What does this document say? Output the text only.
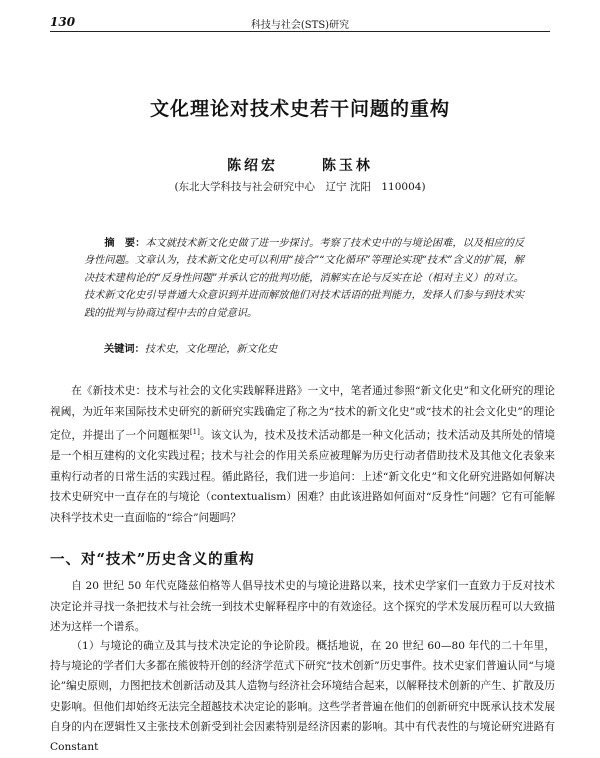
130	科技与社会(STS)研究
文化理论对技术史若干问题的重构
陈绍宏	陈玉林
(东北大学科技与社会研究中心　辽宁 沈阳　110004)
摘　要：本文就技术新文化史做了进一步探讨。考察了技术史中的与境论困难，以及相应的反身性问题。文章认为，技术新文化史可以利用“接合”“文化循环”等理论实现“技术”含义的扩展，解决技术建构论的“反身性问题”并承认它的批判功能，消解实在论与反实在论（相对主义）的对立。技术新文化史引导普通大众意识到并进而解放他们对技术话语的批判能力，发择人们参与到技术实践的批判与协商过程中去的自觉意识。
关键词：技术史，文化理论，新文化史

在《新技术史：技术与社会的文化实践解释进路》一文中，笔者通过参照“新文化史”和文化研究的理论视阈，为近年来国际技术史研究的新研究实践确定了称之为“技术的新文化史”或“技术的社会文化史”的理论定位，并提出了一个问题框架[1]。该文认为，技术及技术活动都是一种文化活动；技术活动及其所处的情境是一个相互建构的文化实践过程；技术与社会的作用关系应被理解为历史行动者借助技术及其他文化表象来重构行动者的日常生活的实践过程。循此路径，我们进一步追问：上述“新文化史”和文化研究进路如何解决技术史研究中一直存在的与境论（contextualism）困难？由此该进路如何面对“反身性”问题？它有可能解决科学技术史一直面临的“综合”问题吗？

一、对“技术”历史含义的重构

自 20 世纪 50 年代克隆兹伯格等人倡导技术史的与境论进路以来，技术史学家们一直致力于反对技术决定论并寻找一条把技术与社会统一到技术史解释程序中的有效途径。这个探究的学术发展历程可以大致描述为这样一个谱系。

（1）与境论的确立及其与技术决定论的争论阶段。概括地说，在 20 世纪 60—80 年代的二十年里，持与境论的学者们大多都在熊彼特开创的经济学范式下研究“技术创新”历史事件。技术史家们普遍认同“与境论”编史原则，力图把技术创新活动及其人造物与经济社会环境结合起来，以解释技术创新的产生、扩散及历史影响。但他们却始终无法完全超越技术决定论的影响。这些学者普遍在他们的创新研究中既承认技术发展自身的内在逻辑性又主张技术创新受到社会因素特别是经济因素的影响。其中有代表性的与境论研究进路有 Constant
